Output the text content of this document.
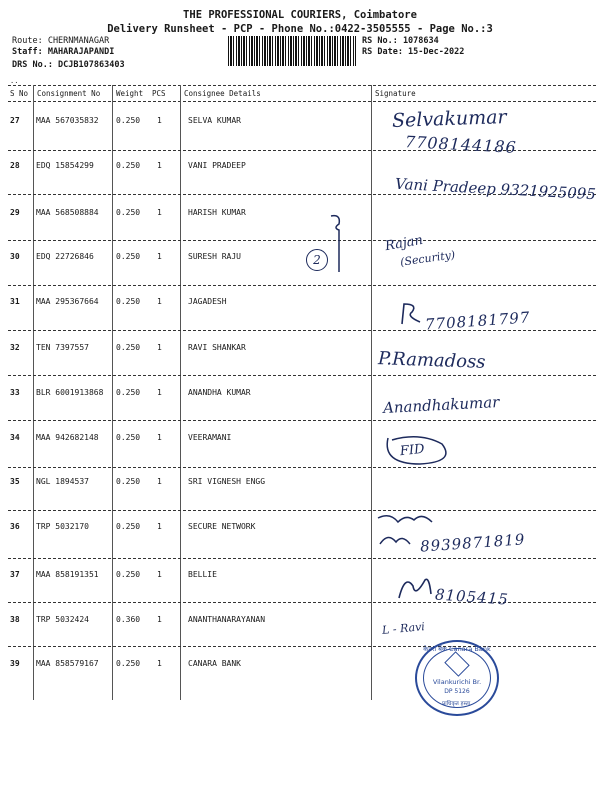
THE PROFESSIONAL COURIERS, Coimbatore
Delivery Runsheet - PCP - Phone No.:0422-3505555 - Page No.:3
Route: CHERNMANAGAR
Staff: MAHARAJAPANDI
DRS No.: DCJB107863403
RS No.: 1078634
RS Date: 15-Dec-2022
..
S No Consignment No Weight PCS Consignee Details	Signature
27 MAA 567035832 0.250 1	SELVA KUMAR
28 EDQ 15854299	0.250 1	VANI PRADEEP
29 MAA 568508884 0.250 1	HARISH KUMAR
30 EDQ 22726846	0.250 1	SURESH RAJU
31 MAA 295367664 0.250 1	JAGADESH
32 TEN 7397557	0.250 1	RAVI SHANKAR
33 BLR 6001913868 0.250 1	ANANDHA KUMAR
34 MAA 942682148 0.250 1	VEERAMANI
35 NGL 1894537	0.250 1	SRI VIGNESH ENGG
36 TRP 5032170	0.250 1	SECURE NETWORK
37 MAA 858191351 0.250 1	BELLIE
38 TRP 5032424	0.360 1	ANANTHANARAYANAN
39 MAA 858579167 0.250 1	CANARA BANK
Selvakumar
7708144186
Vani Pradeep 9321925095
2
Rajan
(Security)
7708181797
P.Ramadoss
Anandhakumar
FID
8939871819
8105415
L - Ravi
केनरा बैंक Canara Bank
Vilankurichi Br.
DP 5126
प्राधिकृत हस्ता.
